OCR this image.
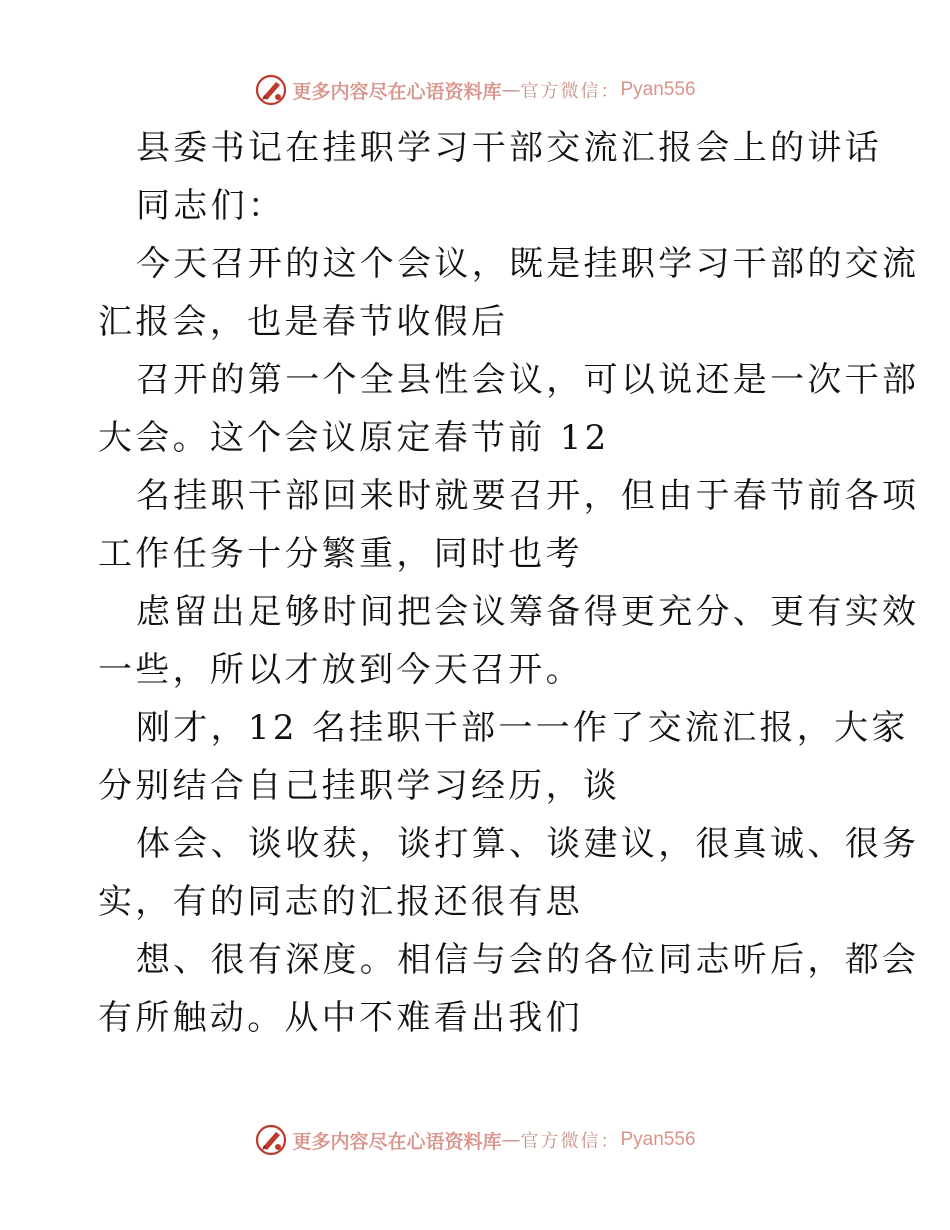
更多内容尽在心语资料库 — 官方微信： Pyan556
县委书记在挂职学习干部交流汇报会上的讲话
同志们：
今天召开的这个会议，既是挂职学习干部的交流
汇报会，也是春节收假后
召开的第一个全县性会议，可以说还是一次干部
大会。这个会议原定春节前 12
名挂职干部回来时就要召开，但由于春节前各项
工作任务十分繁重，同时也考
虑留出足够时间把会议筹备得更充分、更有实效
一些，所以才放到今天召开。
刚才，12 名挂职干部一一作了交流汇报，大家
分别结合自己挂职学习经历，谈
体会、谈收获，谈打算、谈建议，很真诚、很务
实，有的同志的汇报还很有思
想、很有深度。相信与会的各位同志听后，都会
有所触动。从中不难看出我们
更多内容尽在心语资料库 — 官方微信： Pyan556
